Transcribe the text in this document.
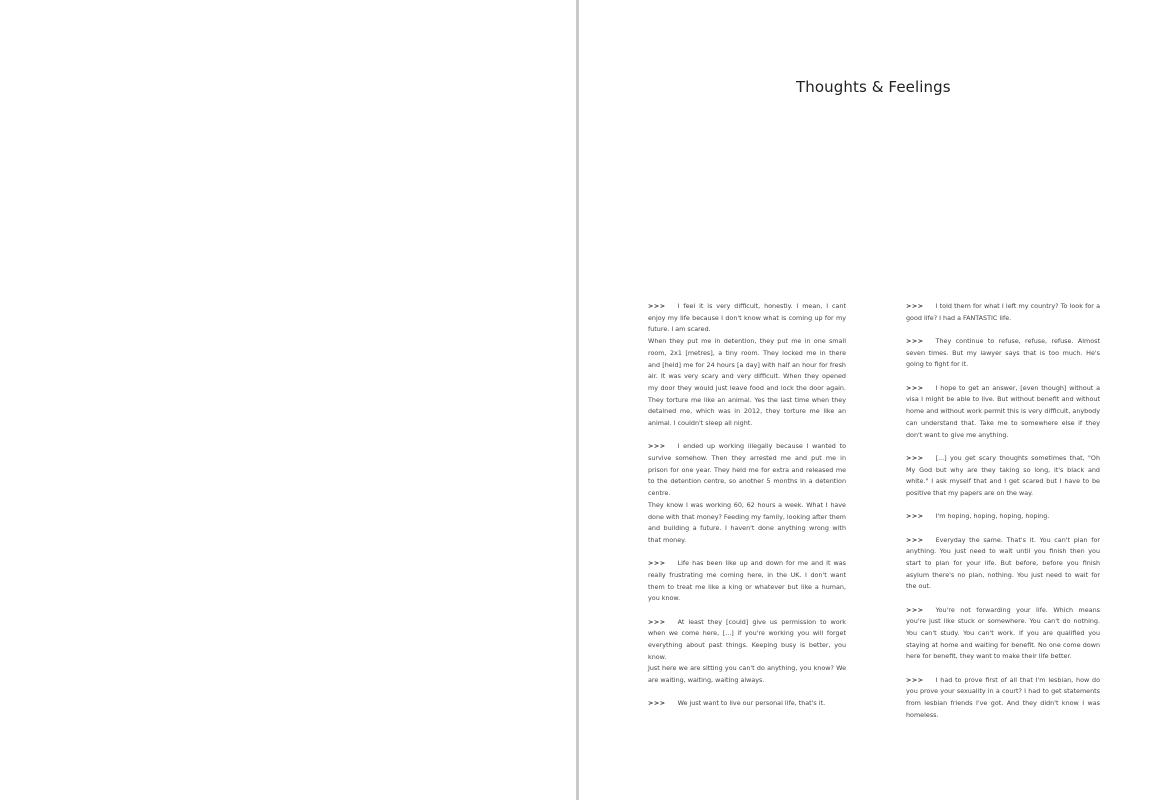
Thoughts & Feelings

>>> I feel it is very difficult, honestly. I mean, I cant enjoy my life because I don't know what is coming up for my future. I am scared.

When they put me in detention, they put me in one small room, 2x1 [metres], a tiny room. They locked me in there and [held] me for 24 hours [a day] with half an hour for fresh air. It was very scary and very difficult. When they opened my door they would just leave food and lock the door again. They torture me like an animal. Yes the last time when they detained me, which was in 2012, they torture me like an animal. I couldn't sleep all night.

>>> I ended up working illegally because I wanted to survive somehow. Then they arrested me and put me in prison for one year. They held me for extra and released me to the detention centre, so another 5 months in a detention centre.

They know I was working 60, 62 hours a week. What I have done with that money? Feeding my family, looking after them and building a future. I haven't done anything wrong with that money.

>>> Life has been like up and down for me and it was really frustrating me coming here, in the UK. I don't want them to treat me like a king or whatever but like a human, you know.

>>> At least they [could] give us permission to work when we come here, [...] if you're working you will forget everything about past things. Keeping busy is better, you know.

Just here we are sitting you can't do anything, you know? We are waiting, waiting, waiting always.

>>> We just want to live our personal life, that's it.

>>> I told them for what I left my country? To look for a good life? I had a FANTASTIC life.

>>> They continue to refuse, refuse, refuse. Almost seven times. But my lawyer says that is too much. He's going to fight for it.

>>> I hope to get an answer, [even though] without a visa I might be able to live. But without benefit and without home and without work permit this is very difficult, anybody can understand that. Take me to somewhere else if they don't want to give me anything.

>>> [...] you get scary thoughts sometimes that, "Oh My God but why are they taking so long, it's black and white." I ask myself that and I get scared but I have to be positive that my papers are on the way.

>>> I'm hoping, hoping, hoping, hoping.

>>> Everyday the same. That's it. You can't plan for anything. You just need to wait until you finish then you start to plan for your life. But before, before you finish asylum there's no plan, nothing. You just need to wait for the out.

>>> You're not forwarding your life. Which means you're just like stuck or somewhere. You can't do nothing. You can't study. You can't work. If you are qualified you staying at home and waiting for benefit. No one come down here for benefit, they want to make their life better.

>>> I had to prove first of all that I'm lesbian, how do you prove your sexuality in a court? I had to get statements from lesbian friends I've got. And they didn't know I was homeless.
